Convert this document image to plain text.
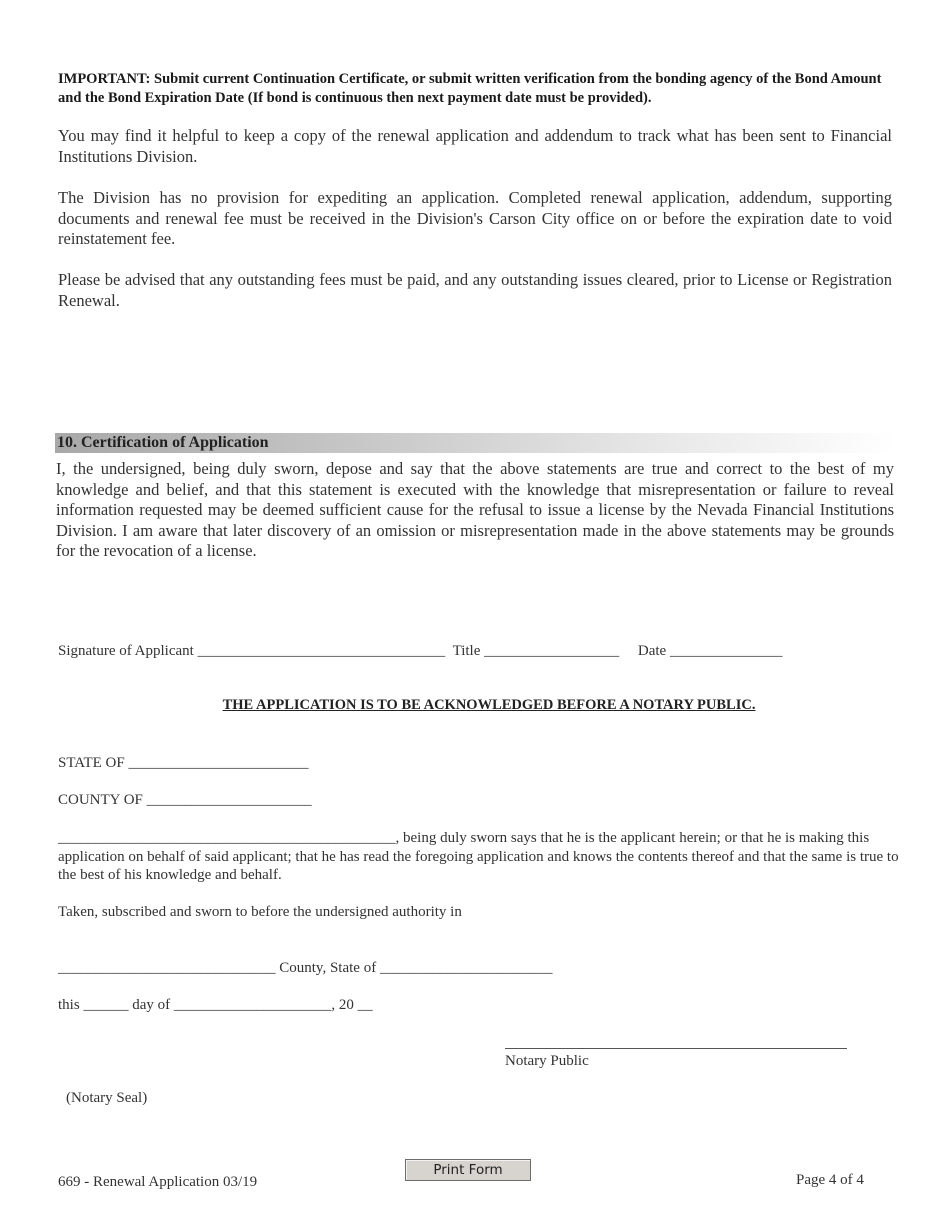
IMPORTANT: Submit current Continuation Certificate, or submit written verification from the bonding agency of the Bond Amount and the Bond Expiration Date (If bond is continuous then next payment date must be provided).
You may find it helpful to keep a copy of the renewal application and addendum to track what has been sent to Financial Institutions Division.
The Division has no provision for expediting an application. Completed renewal application, addendum, supporting documents and renewal fee must be received in the Division's Carson City office on or before the expiration date to void reinstatement fee.
Please be advised that any outstanding fees must be paid, and any outstanding issues cleared, prior to License or Registration Renewal.
10. Certification of Application
I, the undersigned, being duly sworn, depose and say that the above statements are true and correct to the best of my knowledge and belief, and that this statement is executed with the knowledge that misrepresentation or failure to reveal information requested may be deemed sufficient cause for the refusal to issue a license by the Nevada Financial Institutions Division. I am aware that later discovery of an omission or misrepresentation made in the above statements may be grounds for the revocation of a license.
Signature of Applicant _________________________________ Title __________________ Date _______________
THE APPLICATION IS TO BE ACKNOWLEDGED BEFORE A NOTARY PUBLIC.
STATE OF ________________________
COUNTY OF ______________________
_____________________________________________, being duly sworn says that he is the applicant herein; or that he is making this application on behalf of said applicant; that he has read the foregoing application and knows the contents thereof and that the same is true to the best of his knowledge and behalf.
Taken, subscribed and sworn to before the undersigned authority in
_____________________________ County, State of _______________________
this ______ day of _____________________, 20 __
Notary Public
(Notary Seal)
Print Form
669 - Renewal Application 03/19	Page 4 of 4
